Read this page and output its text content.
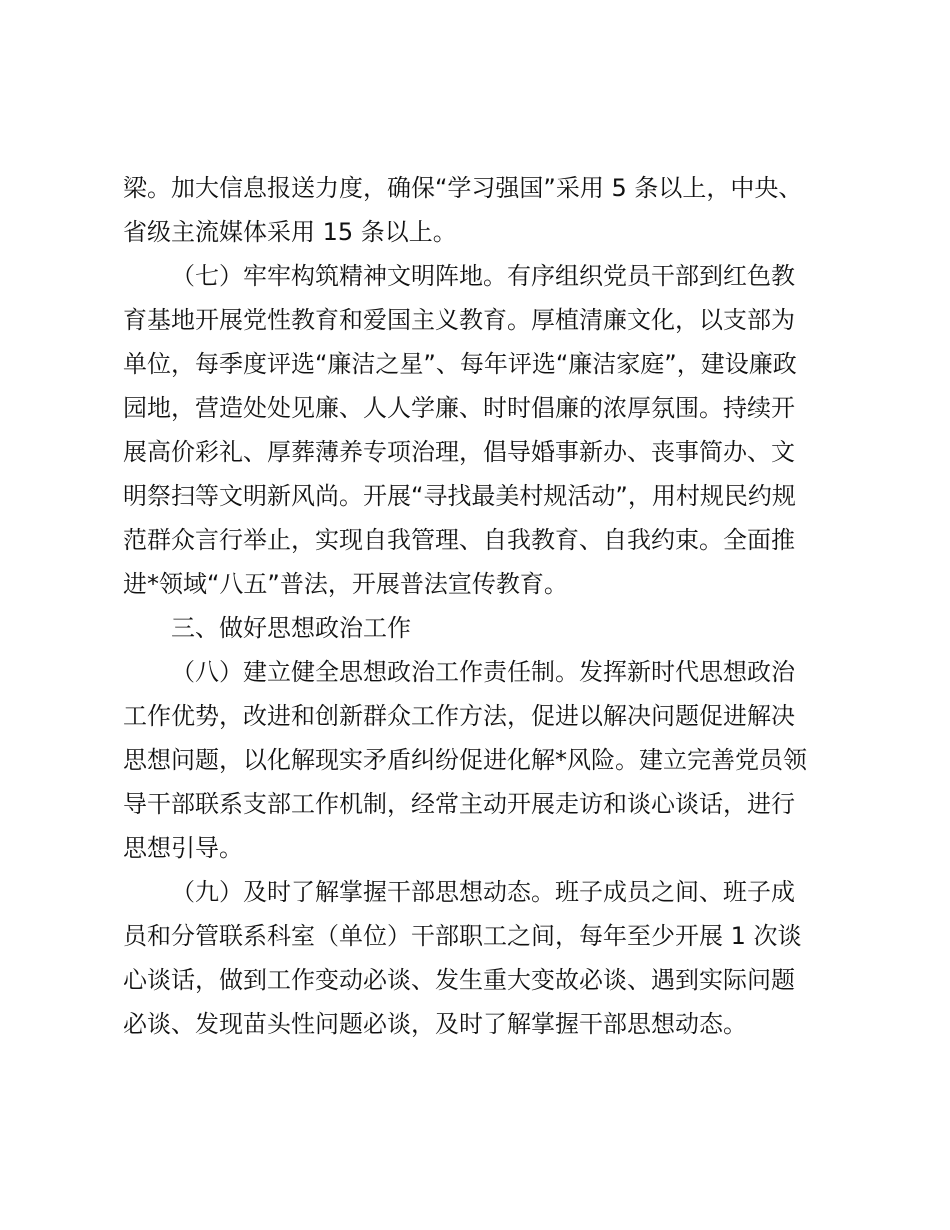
梁。加大信息报送力度，确保“学习强国”采用 5 条以上，中央、
省级主流媒体采用 15 条以上。
（七）牢牢构筑精神文明阵地。有序组织党员干部到红色教
育基地开展党性教育和爱国主义教育。厚植清廉文化，以支部为
单位，每季度评选“廉洁之星”、每年评选“廉洁家庭”，建设廉政
园地，营造处处见廉、人人学廉、时时倡廉的浓厚氛围。持续开
展高价彩礼、厚葬薄养专项治理，倡导婚事新办、丧事简办、文
明祭扫等文明新风尚。开展“寻找最美村规活动”，用村规民约规
范群众言行举止，实现自我管理、自我教育、自我约束。全面推
进*领域“八五”普法，开展普法宣传教育。
三、做好思想政治工作
（八）建立健全思想政治工作责任制。发挥新时代思想政治
工作优势，改进和创新群众工作方法，促进以解决问题促进解决
思想问题，以化解现实矛盾纠纷促进化解*风险。建立完善党员领
导干部联系支部工作机制，经常主动开展走访和谈心谈话，进行
思想引导。
（九）及时了解掌握干部思想动态。班子成员之间、班子成
员和分管联系科室（单位）干部职工之间，每年至少开展 1 次谈
心谈话，做到工作变动必谈、发生重大变故必谈、遇到实际问题
必谈、发现苗头性问题必谈，及时了解掌握干部思想动态。
